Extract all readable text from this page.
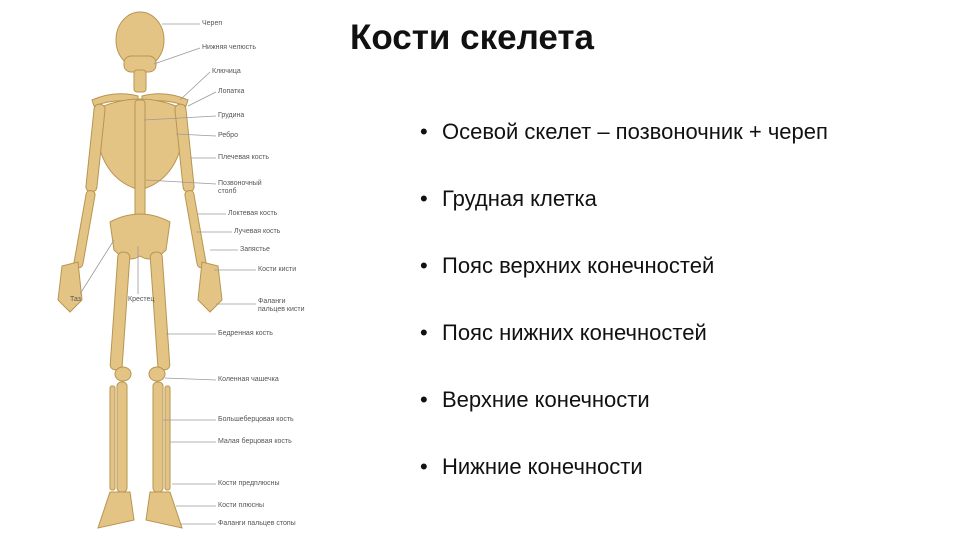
Кости скелета
• Осевой скелет – позвоночник + череп
• Грудная клетка
• Пояс верхних конечностей
• Пояс нижних конечностей
• Верхние конечности
• Нижние конечности
Череп
Нижняя челюсть
Ключица
Лопатка
Грудина
Ребро
Плечевая кость
Позвоночный столб
Локтевая кость
Лучевая кость
Запястье
Кости кисти
Фаланги пальцев кисти
Таз	Крестец
Бедренная кость
Коленная чашечка
Большеберцовая кость
Малая берцовая кость
Кости предплюсны
Кости плюсны
Фаланги пальцев стопы
